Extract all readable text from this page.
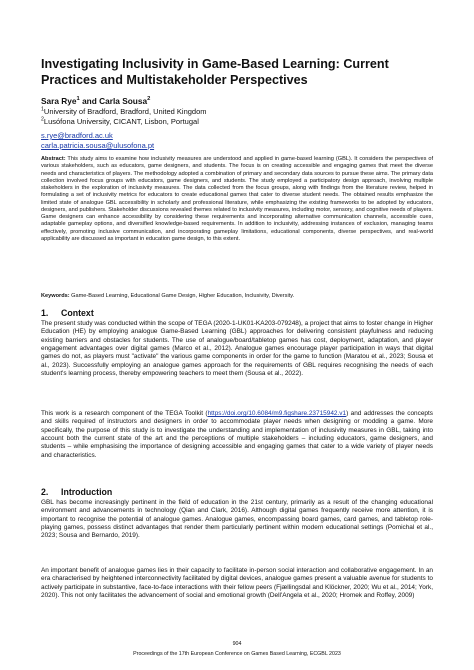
Investigating Inclusivity in Game-Based Learning: Current Practices and Multistakeholder Perspectives
Sara Rye$^1$ and Carla Sousa$^2$
$^1$University of Bradford, Bradford, United Kingdom
$^2$Lusófona University, CICANT, Lisbon, Portugal
s.rye@bradford.ac.uk
carla.patricia.sousa@ulusofona.pt

Abstract: This study aims to examine how inclusivity measures are understood and applied in game-based learning (GBL). It considers the perspectives of various stakeholders, such as educators, game designers, and students. The focus is on creating accessible and engaging games that meet the diverse needs and characteristics of players. The methodology adopted a combination of primary and secondary data sources to pursue these aims. The primary data collection involved focus groups with educators, game designers, and students. The study employed a participatory design approach, involving multiple stakeholders in the exploration of inclusivity measures. The data collected from the focus groups, along with findings from the literature review, helped in formulating a set of inclusivity metrics for educators to create educational games that cater to diverse student needs. The obtained results emphasize the limited state of analogue GBL accessibility in scholarly and professional literature, while emphasizing the existing frameworks to be adopted by educators, designers, and publishers. Stakeholder discussions revealed themes related to inclusivity measures, including motor, sensory, and cognitive needs of players. Game designers can enhance accessibility by considering these requirements and incorporating alternative communication channels, accessible cues, adaptable gameplay options, and diversified knowledge-based requirements. In addition to inclusivity, addressing instances of exclusion, managing teams effectively, promoting inclusive communication, and incorporating gameplay limitations, educational components, diverse perspectives, and real-world applicability are discussed as important in education game design, to this extent.

Keywords: Game-Based Learning, Educational Game Design, Higher Education, Inclusivity, Diversity.
1. Context

The present study was conducted within the scope of TEGA (2020-1-UK01-KA203-079248), a project that aims to foster change in Higher Education (HE) by employing analogue Game-Based Learning (GBL) approaches for delivering consistent playfulness and reducing existing barriers and obstacles for students. The use of analogue/board/tabletop games has cost, deployment, adaptation, and player engagement advantages over digital games (Marco et al., 2012). Analogue games encourage player participation in ways that digital games do not, as players must "activate" the various game components in order for the game to function (Maratou et al., 2023; Sousa et al., 2023). Successfully employing an analogue games approach for the requirements of GBL requires recognising the needs of each student's learning process, thereby empowering teachers to meet them (Sousa et al., 2022).

This work is a research component of the TEGA Toolkit (https://doi.org/10.6084/m9.figshare.23715942.v1) and addresses the concepts and skills required of instructors and designers in order to accommodate player needs when designing or modding a game. More specifically, the purpose of this study is to investigate the understanding and implementation of inclusivity measures in GBL, taking into account both the current state of the art and the perceptions of multiple stakeholders – including educators, game designers, and students – while emphasising the importance of designing accessible and engaging games that cater to a wide variety of player needs and characteristics.

2. Introduction

GBL has become increasingly pertinent in the field of education in the 21st century, primarily as a result of the changing educational environment and advancements in technology (Qian and Clark, 2016). Although digital games frequently receive more attention, it is important to recognise the potential of analogue games. Analogue games, encompassing board games, card games, and tabletop role-playing games, possess distinct advantages that render them particularly pertinent within modern educational settings (Pomichal et al., 2023; Sousa and Bernardo, 2019).

An important benefit of analogue games lies in their capacity to facilitate in-person social interaction and collaborative engagement. In an era characterised by heightened interconnectivity facilitated by digital devices, analogue games present a valuable avenue for students to actively participate in substantive, face-to-face interactions with their fellow peers (Fjællingsdal and Klöckner, 2020; Wu et al., 2014; York, 2020). This not only facilitates the advancement of social and emotional growth (Dell'Angela et al., 2020; Hromek and Roffey, 2009)

904
Proceedings of the 17th European Conference on Games Based Learning, ECGBL 2023
